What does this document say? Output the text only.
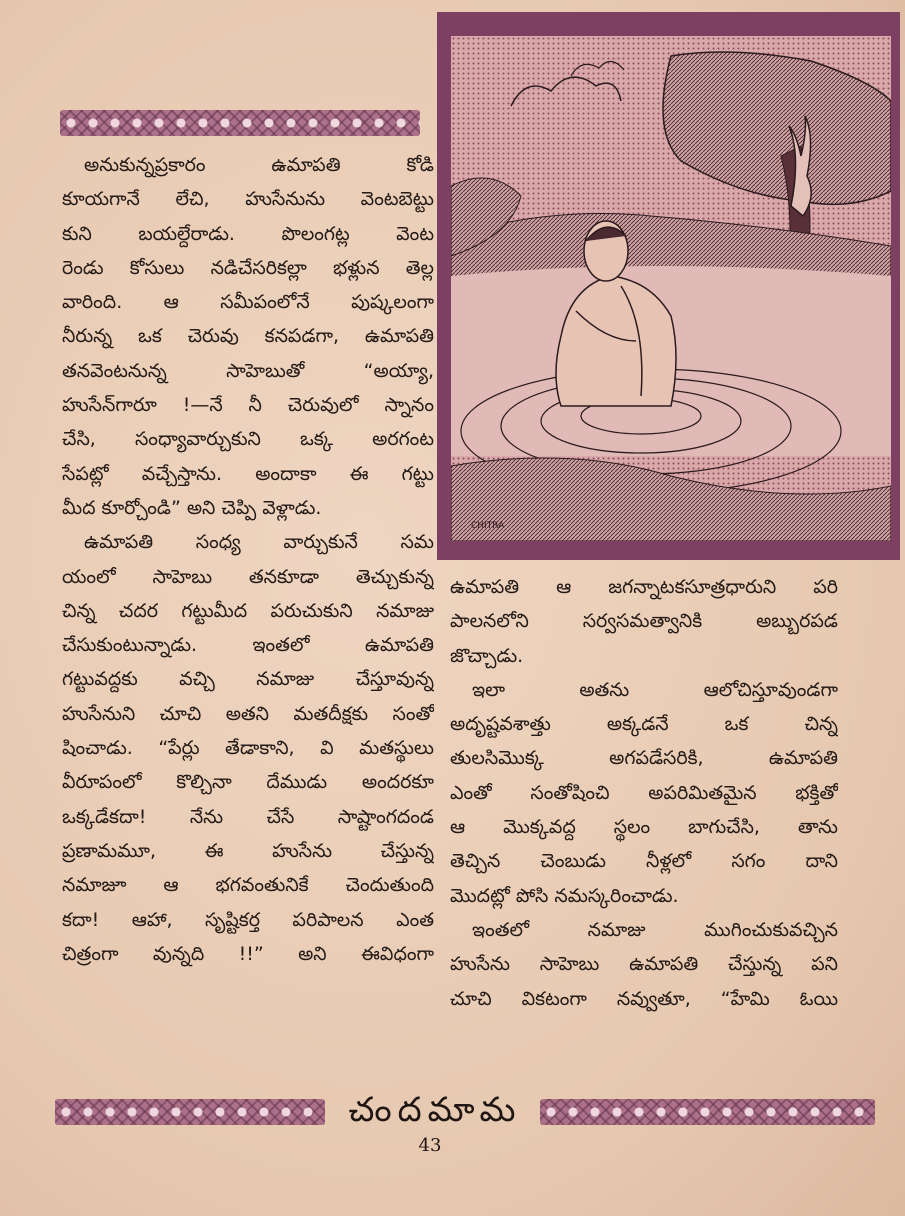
అనుకున్నప్రకారం ఉమాపతి కోడి
కూయగానే లేచి, హుసేనును వెంటబెట్టు
కుని బయల్దేరాడు. పొలంగట్ల వెంట
రెండు కోసులు నడిచేసరికల్లా భళ్లున తెల్ల
వారింది. ఆ సమీపంలోనే పుష్కలంగా
నీరున్న ఒక చెరువు కనపడగా, ఉమాపతి
తనవెంటనున్న సాహెబుతో “అయ్యా,
హుసేన్‌గారూ !—నే నీ చెరువులో స్నానం
చేసి, సంధ్యావార్చుకుని ఒక్క అరగంట
సేపట్లో వచ్చేస్తాను. అందాకా ఈ గట్టు
మీద కూర్చోండి” అని చెప్పి వెళ్లాడు.
ఉమాపతి సంధ్య వార్చుకునే సమ
యంలో సాహెబు తనకూడా తెచ్చుకున్న
చిన్న చదర గట్టుమీద పరుచుకుని నమాజు
చేసుకుంటున్నాడు. ఇంతలో ఉమాపతి
గట్టువద్దకు వచ్చి నమాజు చేస్తూవున్న
హుసేనుని చూచి అతని మతదీక్షకు సంతో
షించాడు. “పేర్లు తేడాకాని, వి మతస్థులు
వీరూపంలో కొల్చినా దేముడు అందరకూ
ఒక్కడేకదా! నేను చేసే సాష్టాంగదండ
ప్రణామమూ, ఈ హుసేను చేస్తున్న
నమాజూ ఆ భగవంతునికే చెందుతుంది
కదా! ఆహా, సృష్టికర్త పరిపాలన ఎంత
చిత్రంగా వున్నది !!” అని ఈవిధంగా
CHITRA
ఉమాపతి ఆ జగన్నాటకసూత్రధారుని పరి
పాలనలోని సర్వసమత్వానికి అబ్బురపడ
జొచ్చాడు.
ఇలా అతను ఆలోచిస్తూవుండగా
అదృష్టవశాత్తు అక్కడనే ఒక చిన్న
తులసిమొక్క అగపడేసరికి, ఉమాపతి
ఎంతో సంతోషించి అపరిమితమైన భక్తితో
ఆ మొక్కవద్ద స్థలం బాగుచేసి, తాను
తెచ్చిన చెంబుడు నీళ్లలో సగం దాని
మొదట్లో పోసి నమస్కరించాడు.
ఇంతలో నమాజు ముగించుకువచ్చిన
హుసేను సాహెబు ఉమాపతి చేస్తున్న పని
చూచి వికటంగా నవ్వుతూ, “హేమి ఓయి
చందమామ
43
